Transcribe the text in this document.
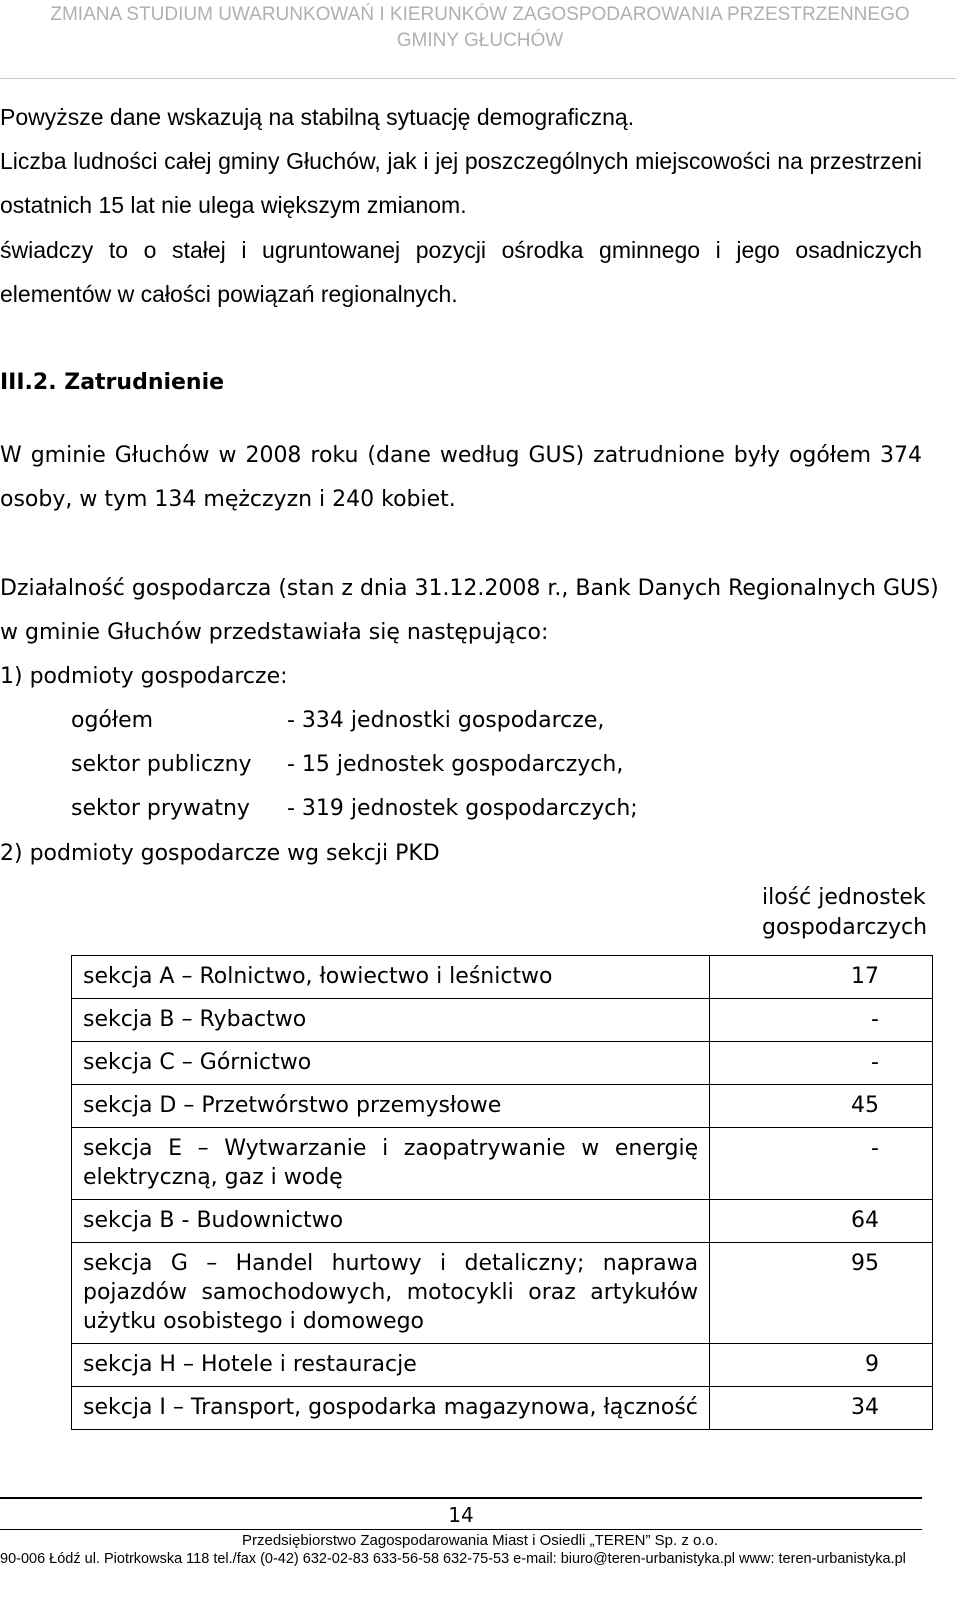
ZMIANA STUDIUM UWARUNKOWAŃ I KIERUNKÓW ZAGOSPODAROWANIA PRZESTRZENNEGO
GMINY GŁUCHÓW

Powyższe dane wskazują na stabilną sytuację demograficzną.

Liczba ludności całej gminy Głuchów, jak i jej poszczególnych miejscowości na przestrzeni ostatnich 15 lat nie ulega większym zmianom.

świadczy to o stałej i ugruntowanej pozycji ośrodka gminnego i jego osadniczych elementów w całości powiązań regionalnych.

III.2. Zatrudnienie

W gminie Głuchów w 2008 roku (dane według GUS) zatrudnione były ogółem 374 osoby, w tym 134 mężczyzn i 240 kobiet.

Działalność gospodarcza (stan z dnia 31.12.2008 r., Bank Danych Regionalnych GUS)
w gminie Głuchów przedstawiała się następująco:
1) podmioty gospodarcze:
ogółem	- 334 jednostki gospodarcze,
sektor publiczny - 15 jednostek gospodarczych,
sektor prywatny - 319 jednostek gospodarczych;
2) podmioty gospodarcze wg sekcji PKD
ilość jednostek gospodarczych
sekcja A – Rolnictwo, łowiectwo i leśnictwo	17
sekcja B – Rybactwo	-
sekcja C – Górnictwo	-
sekcja D – Przetwórstwo przemysłowe	45
sekcja E – Wytwarzanie i zaopatrywanie w energię elektryczną, gaz i wodę	-
sekcja B - Budownictwo	64
sekcja G – Handel hurtowy i detaliczny; naprawa pojazdów samochodowych, motocykli oraz artykułów użytku osobistego i domowego	95
sekcja H – Hotele i restauracje	9
sekcja I – Transport, gospodarka magazynowa, łączność	34
14
Przedsiębiorstwo Zagospodarowania Miast i Osiedli „TEREN” Sp. z o.o.
90-006 Łódź ul. Piotrkowska 118 tel./fax (0-42) 632-02-83 633-56-58 632-75-53 e-mail: biuro@teren-urbanistyka.pl www: teren-urbanistyka.pl
